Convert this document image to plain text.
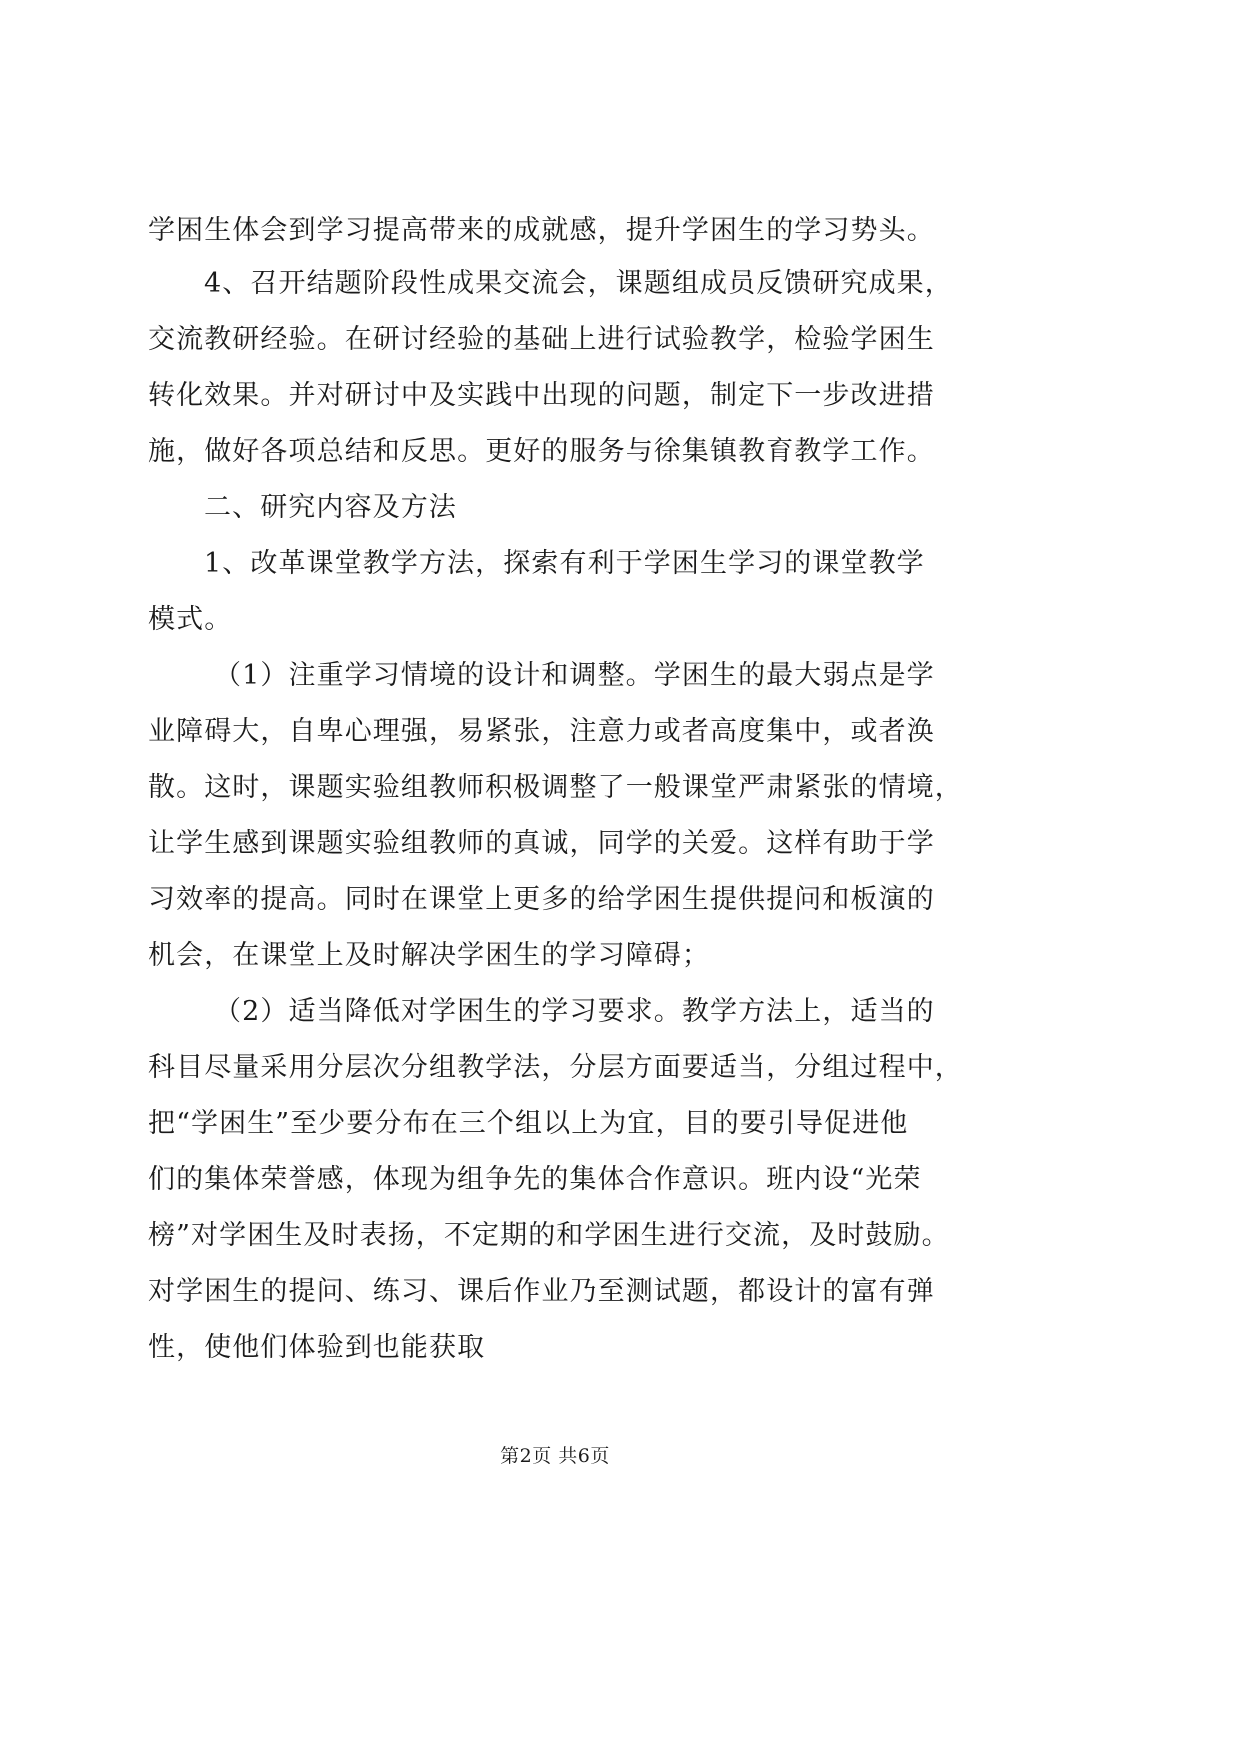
学困生体会到学习提高带来的成就感，提升学困生的学习势头。
4、召开结题阶段性成果交流会，课题组成员反馈研究成果，
交流教研经验。在研讨经验的基础上进行试验教学，检验学困生
转化效果。并对研讨中及实践中出现的问题，制定下一步改进措
施，做好各项总结和反思。更好的服务与徐集镇教育教学工作。
二、研究内容及方法
1、改革课堂教学方法，探索有利于学困生学习的课堂教学
模式。
（1）注重学习情境的设计和调整。学困生的最大弱点是学
业障碍大，自卑心理强，易紧张，注意力或者高度集中，或者涣
散。这时，课题实验组教师积极调整了一般课堂严肃紧张的情境，
让学生感到课题实验组教师的真诚，同学的关爱。这样有助于学
习效率的提高。同时在课堂上更多的给学困生提供提问和板演的
机会，在课堂上及时解决学困生的学习障碍；
（2）适当降低对学困生的学习要求。教学方法上，适当的
科目尽量采用分层次分组教学法，分层方面要适当，分组过程中，
把“学困生”至少要分布在三个组以上为宜，目的要引导促进他
们的集体荣誉感，体现为组争先的集体合作意识。班内设“光荣
榜”对学困生及时表扬，不定期的和学困生进行交流，及时鼓励。
对学困生的提问、练习、课后作业乃至测试题，都设计的富有弹
性，使他们体验到也能获取
第2页 共6页
